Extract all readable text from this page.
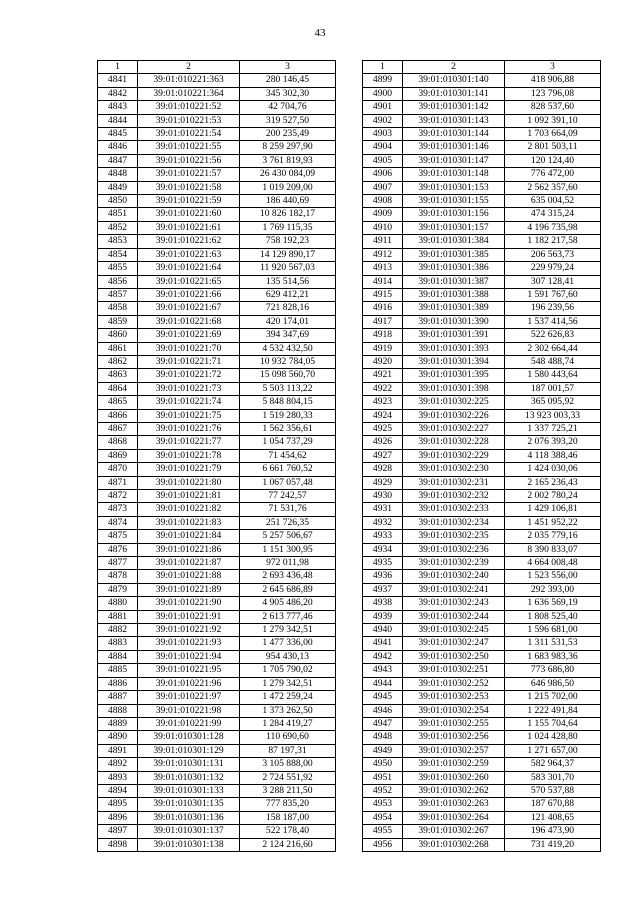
43
1	2	3
4841	39:01:010221:363	280 146,45
4842	39:01:010221:364	345 302,30
4843	39:01:010221:52	42 704,76
4844	39:01:010221:53	319 527,50
4845	39:01:010221:54	200 235,49
4846	39:01:010221:55	8 259 297,90
4847	39:01:010221:56	3 761 819,93
4848	39:01:010221:57	26 430 084,09
4849	39:01:010221:58	1 019 209,00
4850	39:01:010221:59	186 440,69
4851	39:01:010221:60	10 826 182,17
4852	39:01:010221:61	1 769 115,35
4853	39:01:010221:62	758 192,23
4854	39:01:010221:63	14 129 890,17
4855	39:01:010221:64	11 920 567,03
4856	39:01:010221:65	135 514,56
4857	39:01:010221:66	629 412,21
4858	39:01:010221:67	721 828,16
4859	39:01:010221:68	420 174,01
4860	39:01:010221:69	394 347,69
4861	39:01:010221:70	4 532 432,50
4862	39:01:010221:71	10 932 784,05
4863	39:01:010221:72	15 098 560,70
4864	39:01:010221:73	5 503 113,22
4865	39:01:010221:74	5 848 804,15
4866	39:01:010221:75	1 519 280,33
4867	39:01:010221:76	1 562 356,61
4868	39:01:010221:77	1 054 737,29
4869	39:01:010221:78	71 454,62
4870	39:01:010221:79	6 661 760,52
4871	39:01:010221:80	1 067 057,48
4872	39:01:010221:81	77 242,57
4873	39:01:010221:82	71 531,76
4874	39:01:010221:83	251 726,35
4875	39:01:010221:84	5 257 506,67
4876	39:01:010221:86	1 151 300,95
4877	39:01:010221:87	972 011,98
4878	39:01:010221:88	2 693 436,48
4879	39:01:010221:89	2 645 686,89
4880	39:01:010221:90	4 905 486,20
4881	39:01:010221:91	2 613 777,46
4882	39:01:010221:92	1 279 342,51
4883	39:01:010221:93	1 477 336,00
4884	39:01:010221:94	954 430,13
4885	39:01:010221:95	1 705 790,02
4886	39:01:010221:96	1 279 342,51
4887	39:01:010221:97	1 472 259,24
4888	39:01:010221:98	1 373 262,50
4889	39:01:010221:99	1 284 419,27
4890	39:01:010301:128	110 690,60
4891	39:01:010301:129	87 197,31
4892	39:01:010301:131	3 105 888,00
4893	39:01:010301:132	2 724 551,92
4894	39:01:010301:133	3 288 211,50
4895	39:01:010301:135	777 835,20
4896	39:01:010301:136	158 187,00
4897	39:01:010301:137	522 178,40
4898	39:01:010301:138	2 124 216,60
1	2	3
4899	39:01:010301:140	418 906,88
4900	39:01:010301:141	123 796,08
4901	39:01:010301:142	828 537,60
4902	39:01:010301:143	1 092 391,10
4903	39:01:010301:144	1 703 664,09
4904	39:01:010301:146	2 801 503,11
4905	39:01:010301:147	120 124,40
4906	39:01:010301:148	776 472,00
4907	39:01:010301:153	2 562 357,60
4908	39:01:010301:155	635 004,52
4909	39:01:010301:156	474 315,24
4910	39:01:010301:157	4 196 735,98
4911	39:01:010301:384	1 182 217,58
4912	39:01:010301:385	206 563,73
4913	39:01:010301:386	229 979,24
4914	39:01:010301:387	307 128,41
4915	39:01:010301:388	1 591 767,60
4916	39:01:010301:389	196 239,56
4917	39:01:010301:390	1 537 414,56
4918	39:01:010301:391	522 626,83
4919	39:01:010301:393	2 302 664,44
4920	39:01:010301:394	548 488,74
4921	39:01:010301:395	1 580 443,64
4922	39:01:010301:398	187 001,57
4923	39:01:010302:225	365 095,92
4924	39:01:010302:226	13 923 003,33
4925	39:01:010302:227	1 337 725,21
4926	39:01:010302:228	2 076 393,20
4927	39:01:010302:229	4 118 388,46
4928	39:01:010302:230	1 424 030,06
4929	39:01:010302:231	2 165 236,43
4930	39:01:010302:232	2 002 780,24
4931	39:01:010302:233	1 429 106,81
4932	39:01:010302:234	1 451 952,22
4933	39:01:010302:235	2 035 779,16
4934	39:01:010302:236	8 390 833,07
4935	39:01:010302:239	4 664 008,48
4936	39:01:010302:240	1 523 556,00
4937	39:01:010302:241	292 393,00
4938	39:01:010302:243	1 636 569,19
4939	39:01:010302:244	1 808 525,40
4940	39:01:010302:245	1 596 681,00
4941	39:01:010302:247	1 311 531,53
4942	39:01:010302:250	1 683 983,36
4943	39:01:010302:251	773 686,80
4944	39:01:010302:252	646 986,50
4945	39:01:010302:253	1 215 702,00
4946	39:01:010302:254	1 222 491,84
4947	39:01:010302:255	1 155 704,64
4948	39:01:010302:256	1 024 428,80
4949	39:01:010302:257	1 271 657,00
4950	39:01:010302:259	582 964,37
4951	39:01:010302:260	583 301,70
4952	39:01:010302:262	570 537,88
4953	39:01:010302:263	187 670,88
4954	39:01:010302:264	121 408,65
4955	39:01:010302:267	196 473,90
4956	39:01:010302:268	731 419,20
